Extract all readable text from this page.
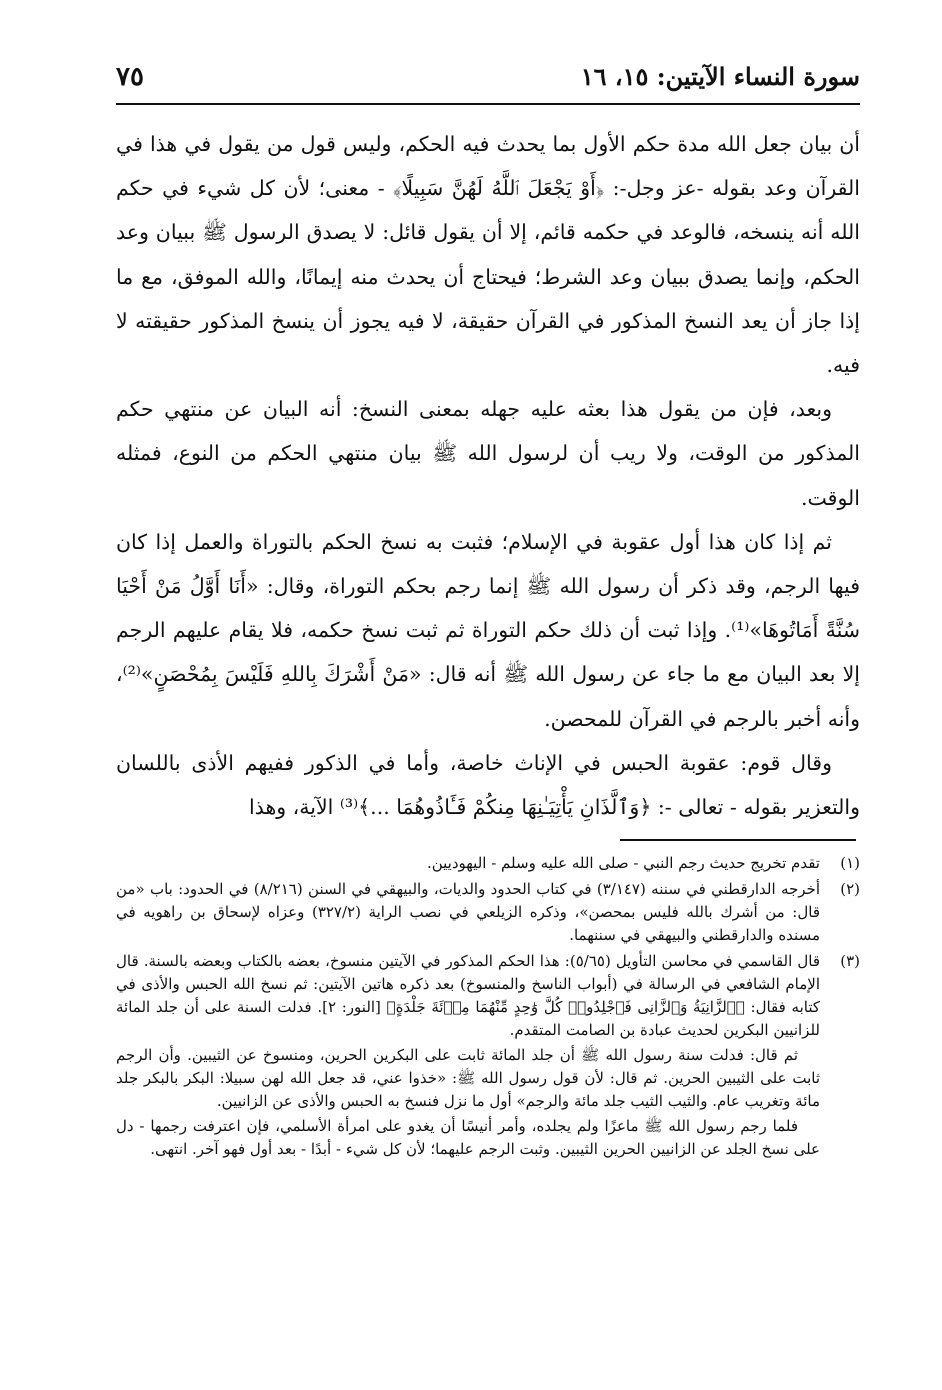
سورة النساء الآيتين: ١٥، ١٦
٧٥

أن بيان جعل الله مدة حكم الأول بما يحدث فيه الحكم، وليس قول من يقول في هذا في القرآن وعد بقوله -عز وجل-: ﴿أَوْ يَجْعَلَ ٱللَّهُ لَهُنَّ سَبِيلًا﴾ - معنى؛ لأن كل شيء في حكم الله أنه ينسخه، فالوعد في حكمه قائم، إلا أن يقول قائل: لا يصدق الرسول ﷺ ببيان وعد الحكم، وإنما يصدق ببيان وعد الشرط؛ فيحتاج أن يحدث منه إيمانًا، والله الموفق، مع ما إذا جاز أن يعد النسخ المذكور في القرآن حقيقة، لا فيه يجوز أن ينسخ المذكور حقيقته لا فيه.

وبعد، فإن من يقول هذا بعثه عليه جهله بمعنى النسخ: أنه البيان عن منتهي حكم المذكور من الوقت، ولا ريب أن لرسول الله ﷺ بيان منتهي الحكم من النوع، فمثله الوقت.

ثم إذا كان هذا أول عقوبة في الإسلام؛ فثبت به نسخ الحكم بالتوراة والعمل إذا كان فيها الرجم، وقد ذكر أن رسول الله ﷺ إنما رجم بحكم التوراة، وقال: «أَنَا أَوَّلُ مَنْ أَحْيَا سُنَّةً أَمَاتُوهَا»⁽¹⁾. وإذا ثبت أن ذلك حكم التوراة ثم ثبت نسخ حكمه، فلا يقام عليهم الرجم إلا بعد البيان مع ما جاء عن رسول الله ﷺ أنه قال: «مَنْ أَشْرَكَ بِاللهِ فَلَيْسَ بِمُحْصَنٍ»⁽²⁾، وأنه أخبر بالرجم في القرآن للمحصن.

وقال قوم: عقوبة الحبس في الإناث خاصة، وأما في الذكور ففيهم الأذى باللسان والتعزير بقوله - تعالى -: ﴿وَٱلَّذَانِ يَأْتِيَـٰنِهَا مِنكُمْ فَـَٔاذُوهُمَا ...﴾⁽³⁾ الآية، وهذا

(١)

تقدم تخريج حديث رجم النبي - صلى الله عليه وسلم - اليهوديين.

(٢)

أخرجه الدارقطني في سننه (٣/١٤٧) في كتاب الحدود والديات، والبيهقي في السنن (٨/٢١٦) في الحدود: باب «من قال: من أشرك بالله فليس بمحصن»، وذكره الزيلعي في نصب الراية (٣٢٧/٢) وعزاه لإسحاق بن راهويه في مسنده والدارقطني والبيهقي في سننهما.

(٣)

قال القاسمي في محاسن التأويل (٥/٦٥): هذا الحكم المذكور في الآيتين منسوخ، بعضه بالكتاب وبعضه بالسنة. قال الإمام الشافعي في الرسالة في (أبواب الناسخ والمنسوخ) بعد ذكره هاتين الآيتين: ثم نسخ الله الحبس والأذى في كتابه فقال: ﴿ٱلزَّانِيَةُ وَٱلزَّانِى فَٱجْلِدُوا۟ كُلَّ وَٰحِدٍ مِّنْهُمَا مِا۟ئَةَ جَلْدَةٍ﴾ [النور: ٢]. فدلت السنة على أن جلد المائة للزانيين البكرين لحديث عبادة بن الصامت المتقدم.

ثم قال: فدلت سنة رسول الله ﷺ أن جلد المائة ثابت على البكرين الحرين، ومنسوخ عن الثيبين. وأن الرجم ثابت على الثيبين الحرين. ثم قال: لأن قول رسول الله ﷺ: «خذوا عني، قد جعل الله لهن سبيلا: البكر بالبكر جلد مائة وتغريب عام. والثيب الثيب جلد مائة والرجم» أول ما نزل فنسخ به الحبس والأذى عن الزانيين.

فلما رجم رسول الله ﷺ ماعزًا ولم يجلده، وأمر أنيسًا أن يغدو على امرأة الأسلمي، فإن اعترفت رجمها - دل على نسخ الجلد عن الزانيين الحرين الثيبين. وثبت الرجم عليهما؛ لأن كل شيء - أبدًا - بعد أول فهو آخر. انتهى.
